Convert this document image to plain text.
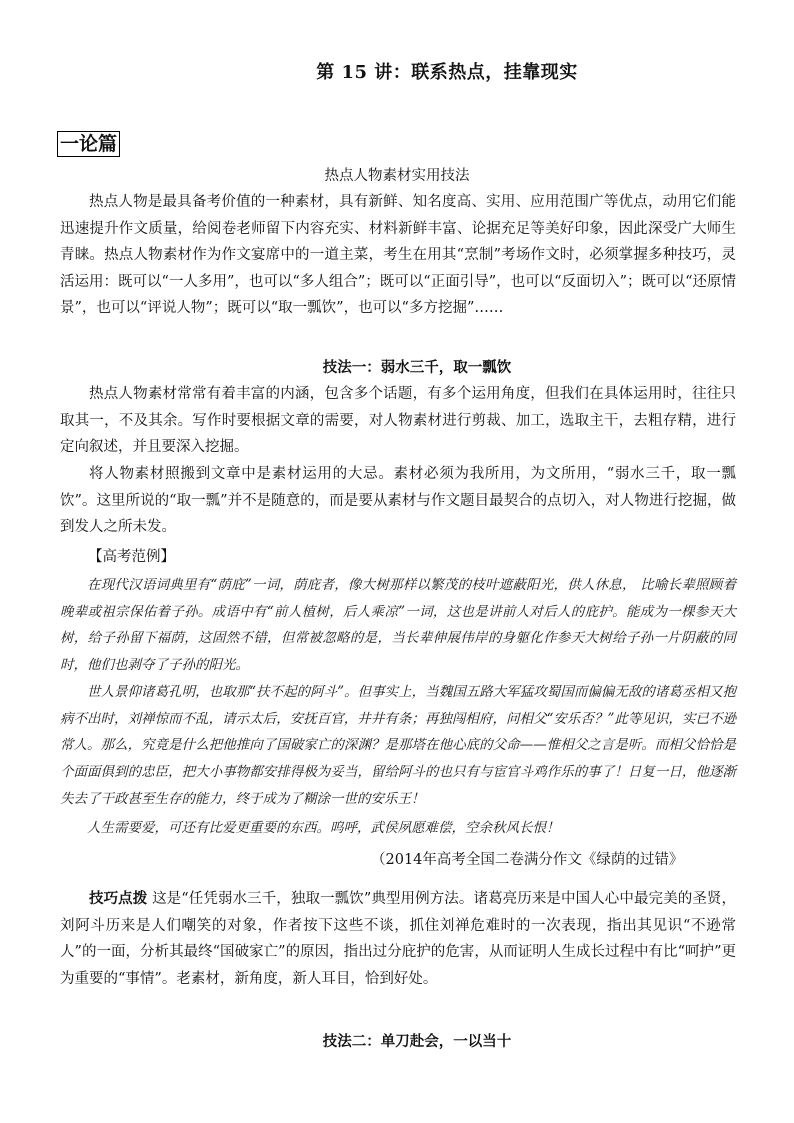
第 15 讲：联系热点，挂靠现实
一论篇
热点人物素材实用技法

热点人物是最具备考价值的一种素材，具有新鲜、知名度高、实用、应用范围广等优点，动用它们能迅速提升作文质量，给阅卷老师留下内容充实、材料新鲜丰富、论据充足等美好印象，因此深受广大师生青睐。热点人物素材作为作文宴席中的一道主菜，考生在用其“烹制”考场作文时，必须掌握多种技巧，灵活运用：既可以“一人多用”，也可以“多人组合”；既可以“正面引导”，也可以“反面切入”；既可以“还原情景”，也可以“评说人物”；既可以“取一瓢饮”，也可以“多方挖掘”……

技法一：弱水三千，取一瓢饮

热点人物素材常常有着丰富的内涵，包含多个话题，有多个运用角度，但我们在具体运用时，往往只取其一，不及其余。写作时要根据文章的需要，对人物素材进行剪裁、加工，选取主干，去粗存精，进行定向叙述，并且要深入挖掘。

将人物素材照搬到文章中是素材运用的大忌。素材必须为我所用，为文所用，“弱水三千，取一瓢饮”。这里所说的“取一瓢”并不是随意的，而是要从素材与作文题目最契合的点切入，对人物进行挖掘，做到发人之所未发。

【高考范例】

在现代汉语词典里有“荫庇”一词，荫庇者，像大树那样以繁茂的枝叶遮蔽阳光，供人休息， 比喻长辈照顾着晚辈或祖宗保佑着子孙。成语中有“前人植树，后人乘凉”一词，这也是讲前人对后人的庇护。能成为一棵参天大树，给子孙留下福荫，这固然不错，但常被忽略的是，当长辈伸展伟岸的身躯化作参天大树给子孙一片阴蔽的同时，他们也剥夺了子孙的阳光。

世人景仰诸葛孔明，也取那“扶不起的阿斗”。但事实上，当魏国五路大军猛攻蜀国而偏偏无敌的诸葛丞相又抱病不出时，刘禅惊而不乱，请示太后，安抚百官，井井有条；再独闯相府，问相父“安乐否？”此等见识，实已不逊常人。那么，究竟是什么把他推向了国破家亡的深渊？是那塔在他心底的父命——惟相父之言是听。而相父恰恰是个面面俱到的忠臣，把大小事物都安排得极为妥当，留给阿斗的也只有与宦官斗鸡作乐的事了！日复一日，他逐渐失去了干政甚至生存的能力，终于成为了糊涂一世的安乐王！

人生需要爱，可还有比爱更重要的东西。呜呼，武侯夙愿难偿，空余秋风长恨！

（2014年高考全国二卷满分作文《绿荫的过错》

技巧点拨 这是“任凭弱水三千，独取一瓢饮”典型用例方法。诸葛亮历来是中国人心中最完美的圣贤，刘阿斗历来是人们嘲笑的对象，作者按下这些不谈，抓住刘禅危难时的一次表现，指出其见识“不逊常人”的一面，分析其最终“国破家亡”的原因，指出过分庇护的危害，从而证明人生成长过程中有比“呵护”更为重要的“事情”。老素材，新角度，新人耳目，恰到好处。

技法二：单刀赴会，一以当十
